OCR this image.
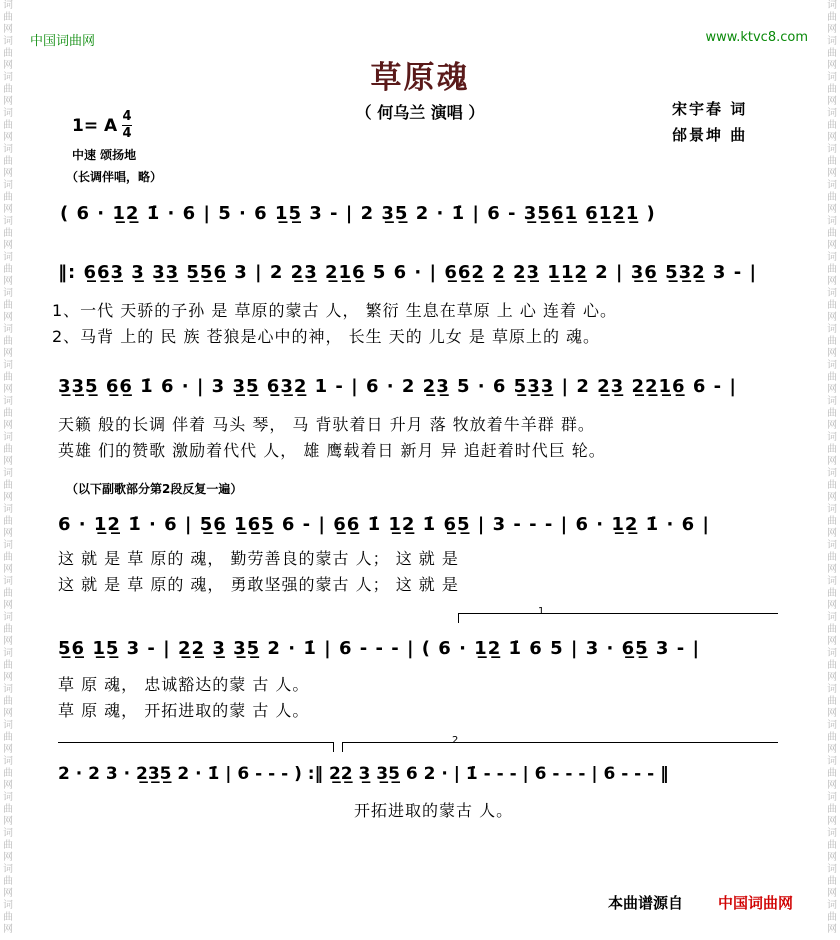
词
曲
网
词
曲
网
词
曲
网
词
曲
网
词
曲
网
词
曲
网
词
曲
网
词
曲
网
词
曲
网
词
曲
网
词
曲
网
词
曲
网
词
曲
网
词
曲
网
词
曲
网
词
曲
网
词
曲
网
词
曲
网
词
曲
网
词
曲
网
词
曲
网
词
曲
网
词
曲
网
词
曲
网
词
曲
网
词
曲
网
词
曲
网
词
曲
网
词
曲
网
词
曲
网
词
曲
网
词
曲
网
词
曲
网
词
曲
网
词
曲
网
词
曲
网
词
曲
网
词
曲
网
词
曲
网
词
曲
网
词
曲
网
词
曲
网
词
曲
网
词
曲
网
词
曲
网
词
曲
网
词
曲
网
词
曲
网
词
曲
网
词
曲
网
词
曲
网
词
曲
网
中国词曲网	www.ktvc8.com
草原魂
（ 何乌兰 演唱 ）	宋宇春 词
邰景坤 曲
1= A 4
4
中速 颂扬地
（长调伴唱，略）
( 6 · 1̲2̲ 1̇ · 6 | 5 · 6 1̲5̲ 3 - | 2 3̲5̲ 2 · 1̇ | 6 - 3̲5̲6̲1̲ 6̲1̲2̲1̲ )
‖: 6̲6̲3̲ 3̲ 3̲3̲ 5̲5̲6̲ 3 | 2 2̲3̲ 2̲1̲6̲ 5 6 · | 6̲6̲2̲ 2̲ 2̲3̲ 1̲1̲2̲ 2 | 3̲6̲ 5̲3̲2̲ 3 - |
1、一代 天骄的子孙 是 草原的蒙古 人， 繁衍 生息在草原 上 心 连着 心。
2、马背 上的 民 族 苍狼是心中的神， 长生 天的 儿女 是 草原上的 魂。
3̲3̲5̲ 6̲6̲ 1̇ 6 · | 3 3̲5̲ 6̲3̲2̲ 1 - | 6 · 2 2̲3̲ 5 · 6 5̲3̲3̲ | 2 2̲3̲ 2̲2̲1̲6̲ 6 - |
天籁 般的长调 伴着 马头 琴， 马 背驮着日 升月 落 牧放着牛羊群 群。
英雄 们的赞歌 激励着代代 人， 雄 鹰载着日 新月 异 追赶着时代巨 轮。
（以下副歌部分第2段反复一遍）
6 · 1̲2̲ 1̇ · 6 | 5̲6̲ 1̲6̲5̲ 6 - | 6̲6̲ 1̇ 1̲2̲ 1̇ 6̲5̲ | 3 - - - | 6 · 1̲2̲ 1̇ · 6 |
这 就 是 草 原的 魂， 勤劳善良的蒙古 人； 这 就 是
这 就 是 草 原的 魂， 勇敢坚强的蒙古 人； 这 就 是
1
5̲6̲ 1̲5̲ 3 - | 2̲2̲ 3̲ 3̲5̲ 2 · 1̇ | 6 - - - | ( 6 · 1̲2̲ 1̇ 6 5 | 3 · 6̲5̲ 3 - |
草 原 魂， 忠诚豁达的蒙 古 人。
草 原 魂， 开拓进取的蒙 古 人。
2
2 · 2 3 · 2̲3̲5̲ 2 · 1̇ | 6 - - - ) :‖ 2̲2̲ 3̲ 3̲5̲ 6 2 · | 1̇ - - - | 6 - - - | 6 - - - ‖
开拓进取的蒙古 人。
本曲谱源自 中国词曲网
